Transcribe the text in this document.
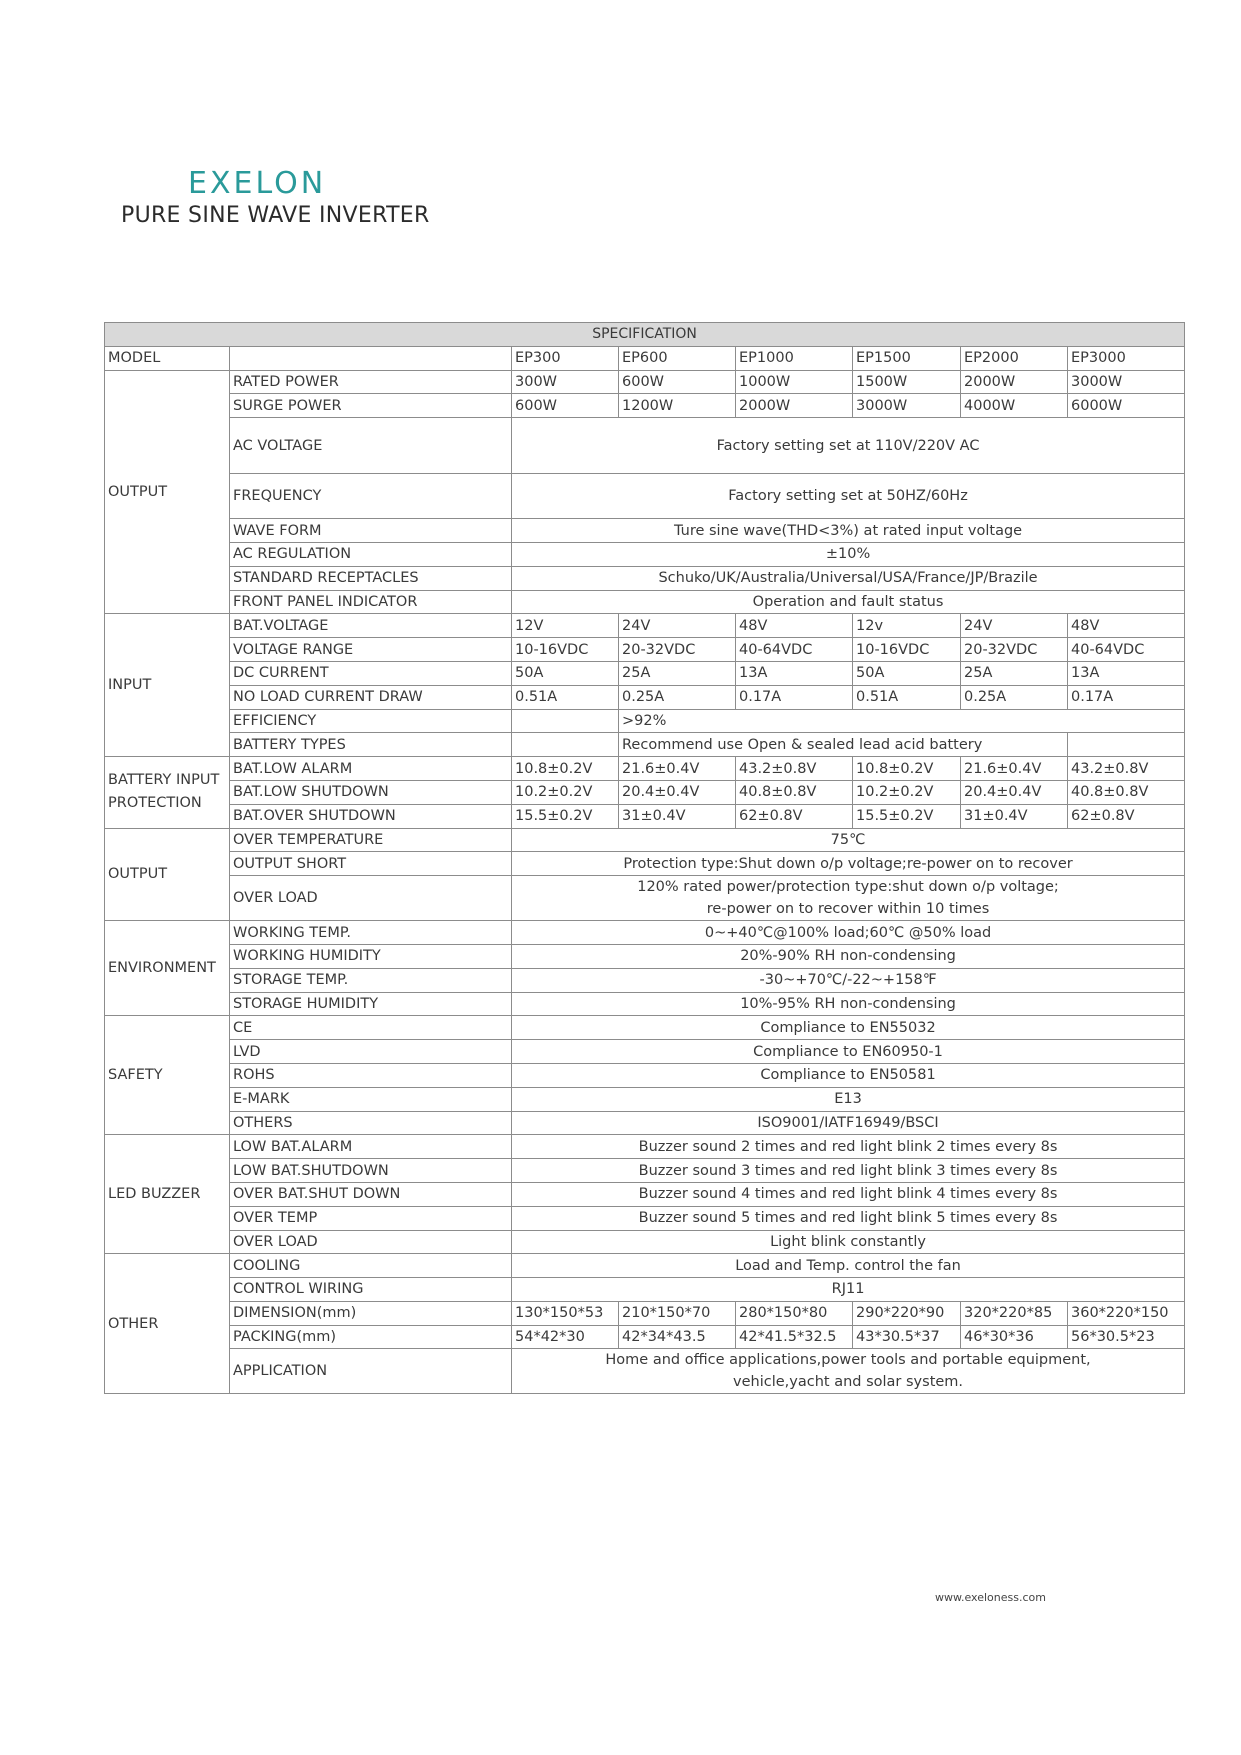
EXELON
PURE SINE WAVE INVERTER
SPECIFICATION							
MODEL		EP300	EP600	EP1000	EP1500	EP2000	EP3000
OUTPUT	RATED POWER	300W	600W	1000W	1500W	2000W	3000W
	SURGE POWER	600W	1200W	2000W	3000W	4000W	6000W
	AC VOLTAGE	Factory setting set at 110V/220V AC					
	FREQUENCY	Factory setting set at 50HZ/60Hz					
	WAVE FORM	Ture sine wave(THD<3%) at rated input voltage					
	AC REGULATION	±10%					
	STANDARD RECEPTACLES	Schuko/UK/Australia/Universal/USA/France/JP/Brazile					
	FRONT PANEL INDICATOR	Operation and fault status					
INPUT	BAT.VOLTAGE	12V	24V	48V	12v	24V	48V
	VOLTAGE RANGE	10-16VDC	20-32VDC	40-64VDC	10-16VDC	20-32VDC	40-64VDC
	DC CURRENT	50A	25A	13A	50A	25A	13A
	NO LOAD CURRENT DRAW	0.51A	0.25A	0.17A	0.51A	0.25A	0.17A
	EFFICIENCY		>92%				
	BATTERY TYPES		Recommend use Open & sealed lead acid battery				
BATTERY INPUT PROTECTION	BAT.LOW ALARM	10.8±0.2V	21.6±0.4V	43.2±0.8V	10.8±0.2V	21.6±0.4V	43.2±0.8V
	BAT.LOW SHUTDOWN	10.2±0.2V	20.4±0.4V	40.8±0.8V	10.2±0.2V	20.4±0.4V	40.8±0.8V
	BAT.OVER SHUTDOWN	15.5±0.2V	31±0.4V	62±0.8V	15.5±0.2V	31±0.4V	62±0.8V
OUTPUT	OVER TEMPERATURE	75℃					
	OUTPUT SHORT	Protection type:Shut down o/p voltage;re-power on to recover					
	OVER LOAD	120% rated power/protection type:shut down o/p voltage;
re-power on to recover within 10 times					

ENVIRONMENT	WORKING TEMP.	0~+40℃@100% load;60℃ @50% load					
	WORKING HUMIDITY	20%-90% RH non-condensing					
	STORAGE TEMP.	-30~+70℃/-22~+158℉					
	STORAGE HUMIDITY	10%-95% RH non-condensing					
SAFETY	CE	Compliance to EN55032					
	LVD	Compliance to EN60950-1					
	ROHS	Compliance to EN50581					
	E-MARK	E13					
	OTHERS	ISO9001/IATF16949/BSCI					
LED BUZZER	LOW BAT.ALARM	Buzzer sound 2 times and red light blink 2 times every 8s					
	LOW BAT.SHUTDOWN	Buzzer sound 3 times and red light blink 3 times every 8s					
	OVER BAT.SHUT DOWN	Buzzer sound 4 times and red light blink 4 times every 8s					
	OVER TEMP	Buzzer sound 5 times and red light blink 5 times every 8s					
	OVER LOAD	Light blink constantly					
OTHER	COOLING	Load and Temp. control the fan					
	CONTROL WIRING	RJ11					
	DIMENSION(mm)	130*150*53	210*150*70	280*150*80	290*220*90	320*220*85	360*220*150
	PACKING(mm)	54*42*30	42*34*43.5	42*41.5*32.5	43*30.5*37	46*30*36	56*30.5*23
	APPLICATION	Home and office applications,power tools and portable equipment,
vehicle,yacht and solar system.					
www.exeloness.com
